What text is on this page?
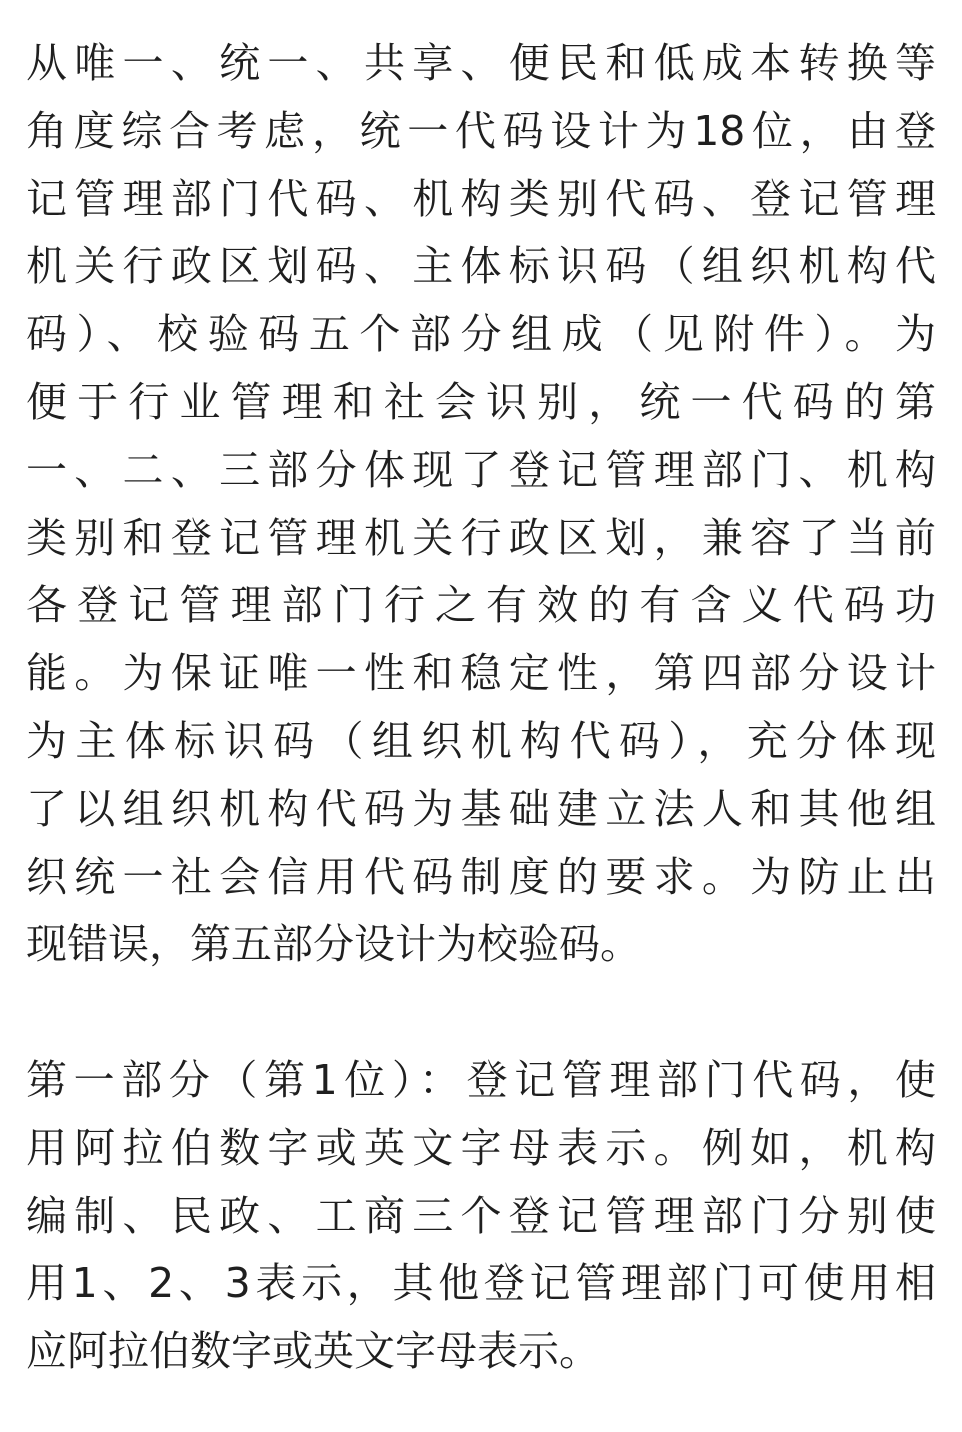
从唯一、统一、共享、便民和低成本转换等
角度综合考虑，统一代码设计为18位，由登
记管理部门代码、机构类别代码、登记管理
机关行政区划码、主体标识码（组织机构代
码）、校验码五个部分组成（见附件）。为
便于行业管理和社会识别，统一代码的第
一、二、三部分体现了登记管理部门、机构
类别和登记管理机关行政区划，兼容了当前
各登记管理部门行之有效的有含义代码功
能。为保证唯一性和稳定性，第四部分设计
为主体标识码（组织机构代码），充分体现
了以组织机构代码为基础建立法人和其他组
织统一社会信用代码制度的要求。为防止出
现错误，第五部分设计为校验码。
第一部分（第1位）：登记管理部门代码，使
用阿拉伯数字或英文字母表示。例如，机构
编制、民政、工商三个登记管理部门分别使
用1、2、3表示，其他登记管理部门可使用相
应阿拉伯数字或英文字母表示。
